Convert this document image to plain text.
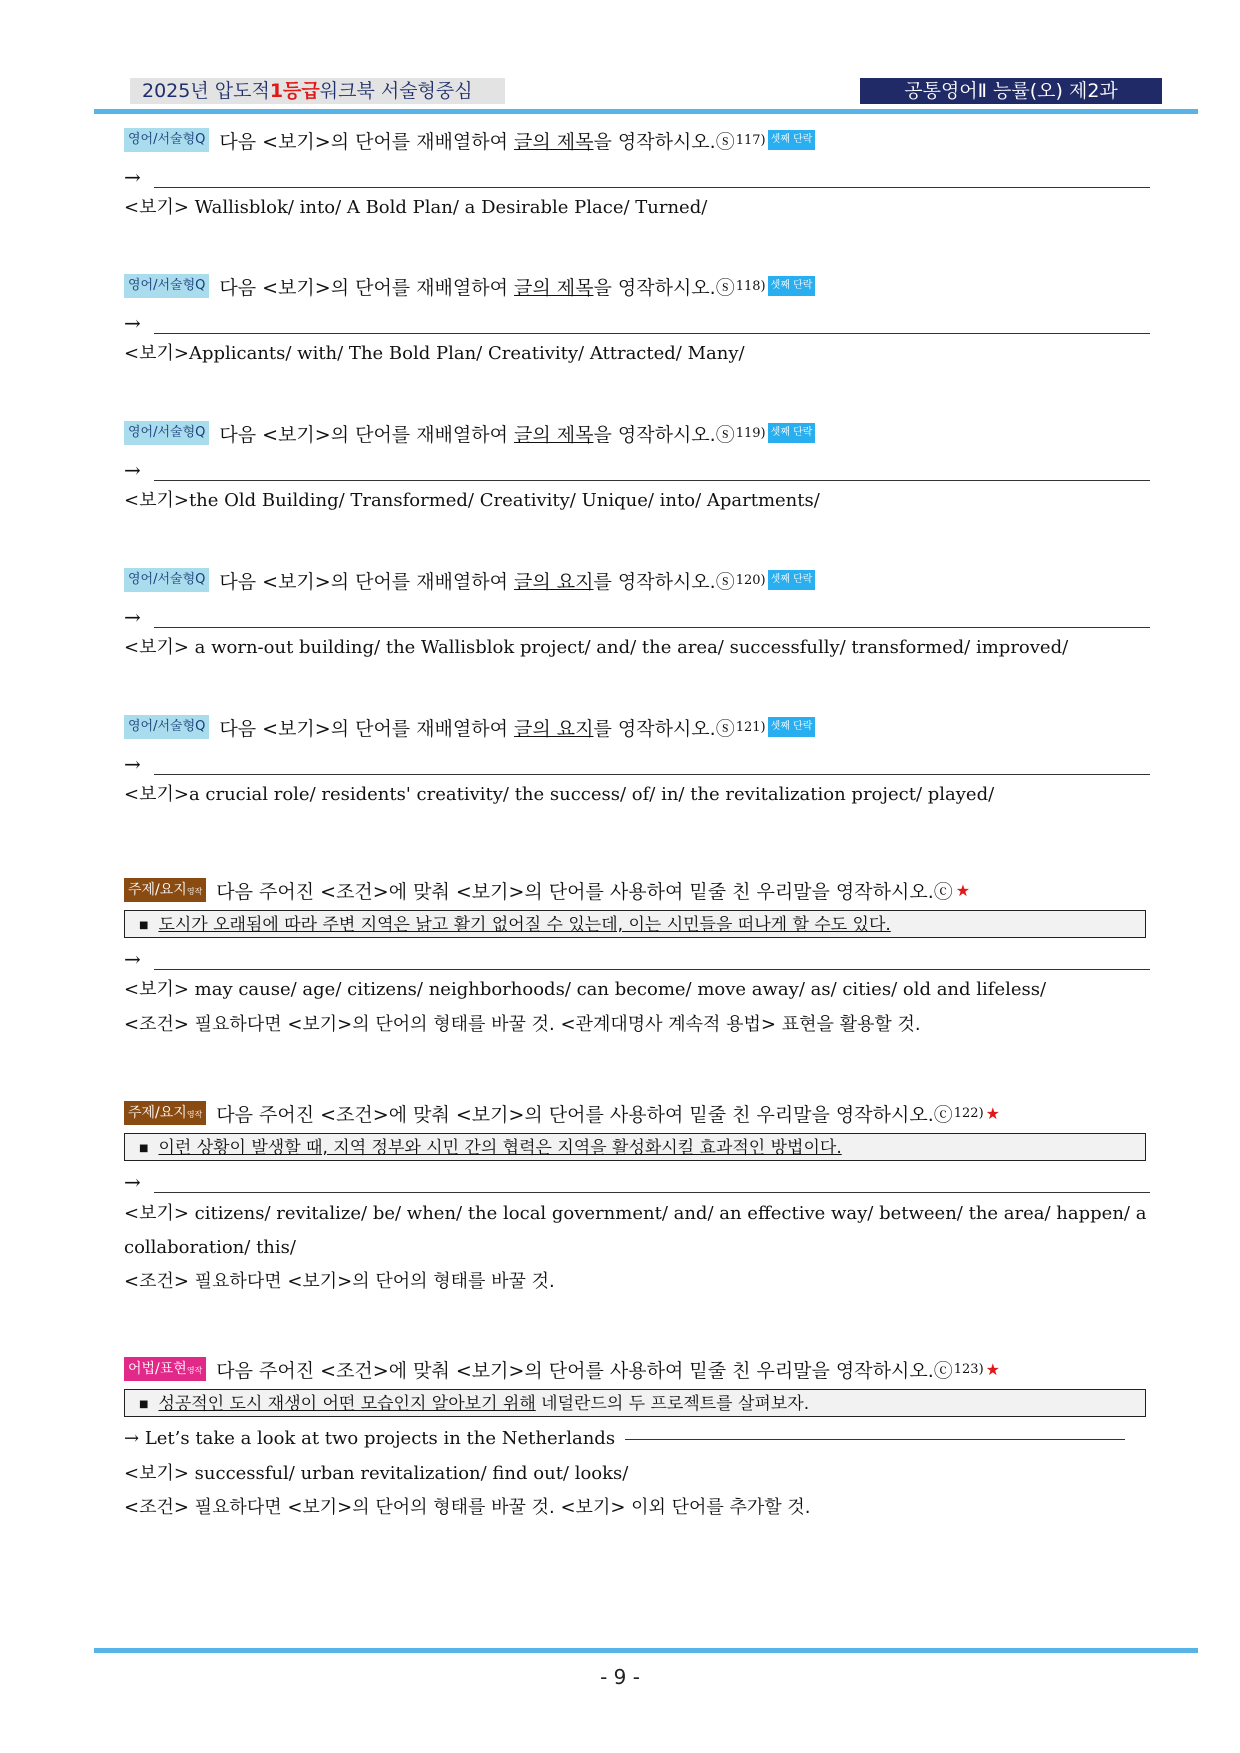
2025년 압도적1등급워크북 서술형중심	공통영어Ⅱ 능률(오) 제2과
영어/서술형Q 다음 <보기>의 단어를 재배열하여 글의 제목을 영작하시오. ⓢ 117) 셋째 단락
→
<보기> Wallisblok/ into/ A Bold Plan/ a Desirable Place/ Turned/
영어/서술형Q 다음 <보기>의 단어를 재배열하여 글의 제목을 영작하시오. ⓢ 118) 셋째 단락
→
<보기>Applicants/ with/ The Bold Plan/ Creativity/ Attracted/ Many/
영어/서술형Q 다음 <보기>의 단어를 재배열하여 글의 제목을 영작하시오. ⓢ 119) 셋째 단락
→
<보기>the Old Building/ Transformed/ Creativity/ Unique/ into/ Apartments/
영어/서술형Q 다음 <보기>의 단어를 재배열하여 글의 요지를 영작하시오. ⓢ 120) 셋째 단락
→
<보기> a worn-out building/ the Wallisblok project/ and/ the area/ successfully/ transformed/ improved/
영어/서술형Q 다음 <보기>의 단어를 재배열하여 글의 요지를 영작하시오. ⓢ 121) 셋째 단락
→
<보기>a crucial role/ residents' creativity/ the success/ of/ in/ the revitalization project/ played/
주제/요지영작 다음 주어진 <조건>에 맞춰 <보기>의 단어를 사용하여 밑줄 친 우리말을 영작하시오. ⓒ ★
■ 도시가 오래됨에 따라 주변 지역은 낡고 활기 없어질 수 있는데, 이는 시민들을 떠나게 할 수도 있다.
→
<보기> may cause/ age/ citizens/ neighborhoods/ can become/ move away/ as/ cities/ old and lifeless/
<조건> 필요하다면 <보기>의 단어의 형태를 바꿀 것. <관계대명사 계속적 용법> 표현을 활용할 것.
주제/요지영작 다음 주어진 <조건>에 맞춰 <보기>의 단어를 사용하여 밑줄 친 우리말을 영작하시오. ⓒ 122) ★
■ 이런 상황이 발생할 때, 지역 정부와 시민 간의 협력은 지역을 활성화시킬 효과적인 방법이다.
→
<보기> citizens/ revitalize/ be/ when/ the local government/ and/ an effective way/ between/ the area/ happen/ a collaboration/ this/
<조건> 필요하다면 <보기>의 단어의 형태를 바꿀 것.
어법/표현영작 다음 주어진 <조건>에 맞춰 <보기>의 단어를 사용하여 밑줄 친 우리말을 영작하시오. ⓒ 123) ★
■ 성공적인 도시 재생이 어떤 모습인지 알아보기 위해 네덜란드의 두 프로젝트를 살펴보자.
→ Let’s take a look at two projects in the Netherlands
<보기> successful/ urban revitalization/ find out/ looks/
<조건> 필요하다면 <보기>의 단어의 형태를 바꿀 것. <보기> 이외 단어를 추가할 것.
- 9 -
